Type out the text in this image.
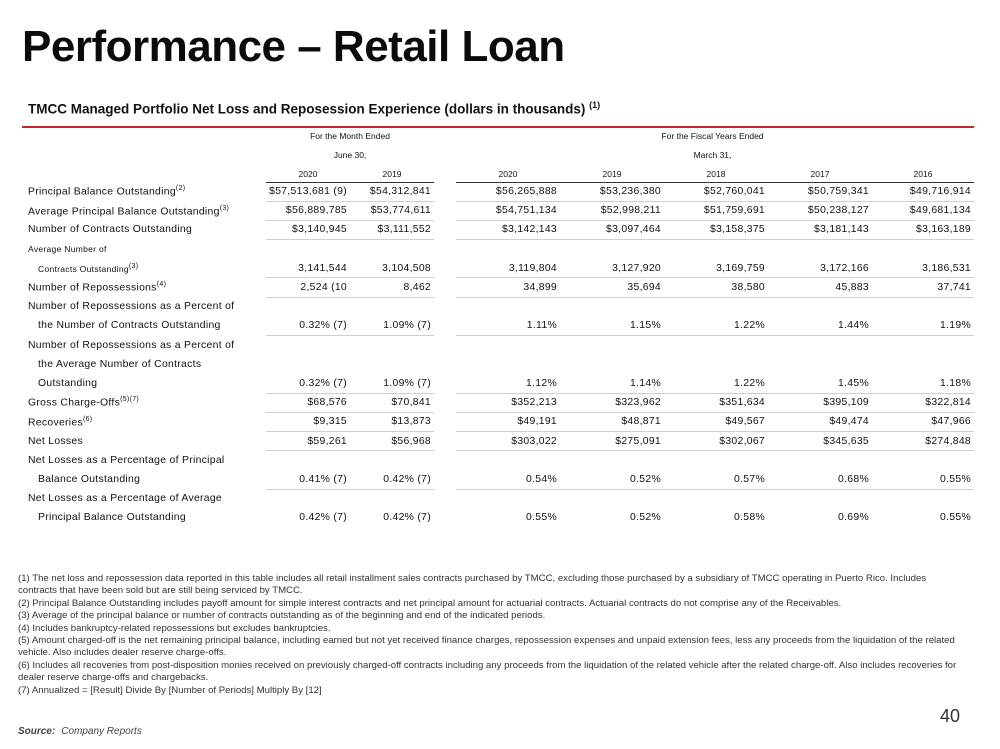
Performance – Retail Loan
TMCC Managed Portfolio Net Loss and Reposession Experience (dollars in thousands) $^{(1)}$
For the Month Ended
June 30,
For the Fiscal Years Ended
March 31,
	2020	2019		2020	2019	2018	2017	2016
Principal Balance Outstanding$^{(2)}$	$57,513,681 (9)	$54,312,841		$56,265,888	$53,236,380	$52,760,041	$50,759,341	$49,716,914
Average Principal Balance Outstanding$^{(3)}$	$56,889,785	$53,774,611		$54,751,134	$52,998,211	$51,759,691	$50,238,127	$49,681,134
Number of Contracts Outstanding	$3,140,945	$3,111,552		$3,142,143	$3,097,464	$3,158,375	$3,181,143	$3,163,189
Average Number of								
Contracts Outstanding$^{(3)}$	3,141,544	3,104,508		3,119,804	3,127,920	3,169,759	3,172,166	3,186,531
Number of Repossessions$^{(4)}$	2,524 (10	8,462		34,899	35,694	38,580	45,883	37,741
Number of Repossessions as a Percent of								
the Number of Contracts Outstanding	0.32% (7)	1.09% (7)		1.11%	1.15%	1.22%	1.44%	1.19%
Number of Repossessions as a Percent of								
the Average Number of Contracts								
Outstanding	0.32% (7)	1.09% (7)		1.12%	1.14%	1.22%	1.45%	1.18%
Gross Charge-Offs$^{(5)(7)}$	$68,576	$70,841		$352,213	$323,962	$351,634	$395,109	$322,814
Recoveries$^{(6)}$	$9,315	$13,873		$49,191	$48,871	$49,567	$49,474	$47,966
Net Losses	$59,261	$56,968		$303,022	$275,091	$302,067	$345,635	$274,848
Net Losses as a Percentage of Principal								
Balance Outstanding	0.41% (7)	0.42% (7)		0.54%	0.52%	0.57%	0.68%	0.55%
Net Losses as a Percentage of Average								
Principal Balance Outstanding	0.42% (7)	0.42% (7)		0.55%	0.52%	0.58%	0.69%	0.55%

(1) The net loss and repossession data reported in this table includes all retail installment sales contracts purchased by TMCC, excluding those purchased by a subsidiary of TMCC operating in Puerto Rico. Includes contracts that have been sold but are still being serviced by TMCC.

(2) Principal Balance Outstanding includes payoff amount for simple interest contracts and net principal amount for actuarial contracts. Actuarial contracts do not comprise any of the Receivables.

(3) Average of the principal balance or number of contracts outstanding as of the beginning and end of the indicated periods.

(4) Includes bankruptcy-related repossessions but excludes bankruptcies.

(5) Amount charged-off is the net remaining principal balance, including earned but not yet received finance charges, repossession expenses and unpaid extension fees, less any proceeds from the liquidation of the related vehicle. Also includes dealer reserve charge-offs.

(6) Includes all recoveries from post-disposition monies received on previously charged-off contracts including any proceeds from the liquidation of the related vehicle after the related charge-off. Also includes recoveries for dealer reserve charge-offs and chargebacks.

(7) Annualized = [Result] Divide By [Number of Periods] Multiply By [12]

Source: Company Reports
40
